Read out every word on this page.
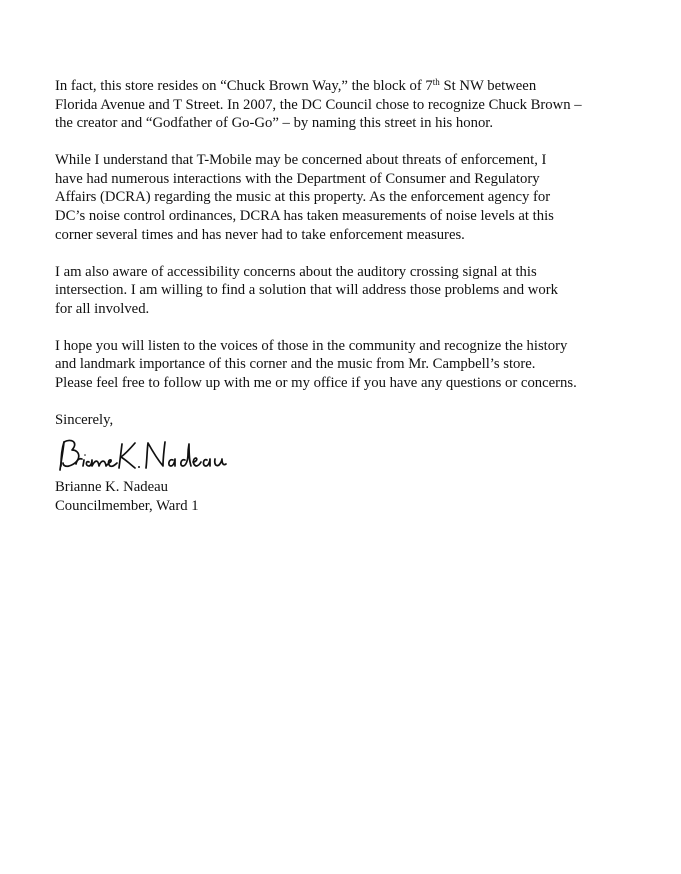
In fact, this store resides on “Chuck Brown Way,” the block of 7th St NW between
Florida Avenue and T Street. In 2007, the DC Council chose to recognize Chuck Brown –
the creator and “Godfather of Go-Go” – by naming this street in his honor.

While I understand that T-Mobile may be concerned about threats of enforcement, I
have had numerous interactions with the Department of Consumer and Regulatory
Affairs (DCRA) regarding the music at this property. As the enforcement agency for
DC’s noise control ordinances, DCRA has taken measurements of noise levels at this
corner several times and has never had to take enforcement measures.

I am also aware of accessibility concerns about the auditory crossing signal at this
intersection. I am willing to find a solution that will address those problems and work
for all involved.

I hope you will listen to the voices of those in the community and recognize the history
and landmark importance of this corner and the music from Mr. Campbell’s store.
Please feel free to follow up with me or my office if you have any questions or concerns.

Sincerely,

Brianne K. Nadeau
Councilmember, Ward 1
